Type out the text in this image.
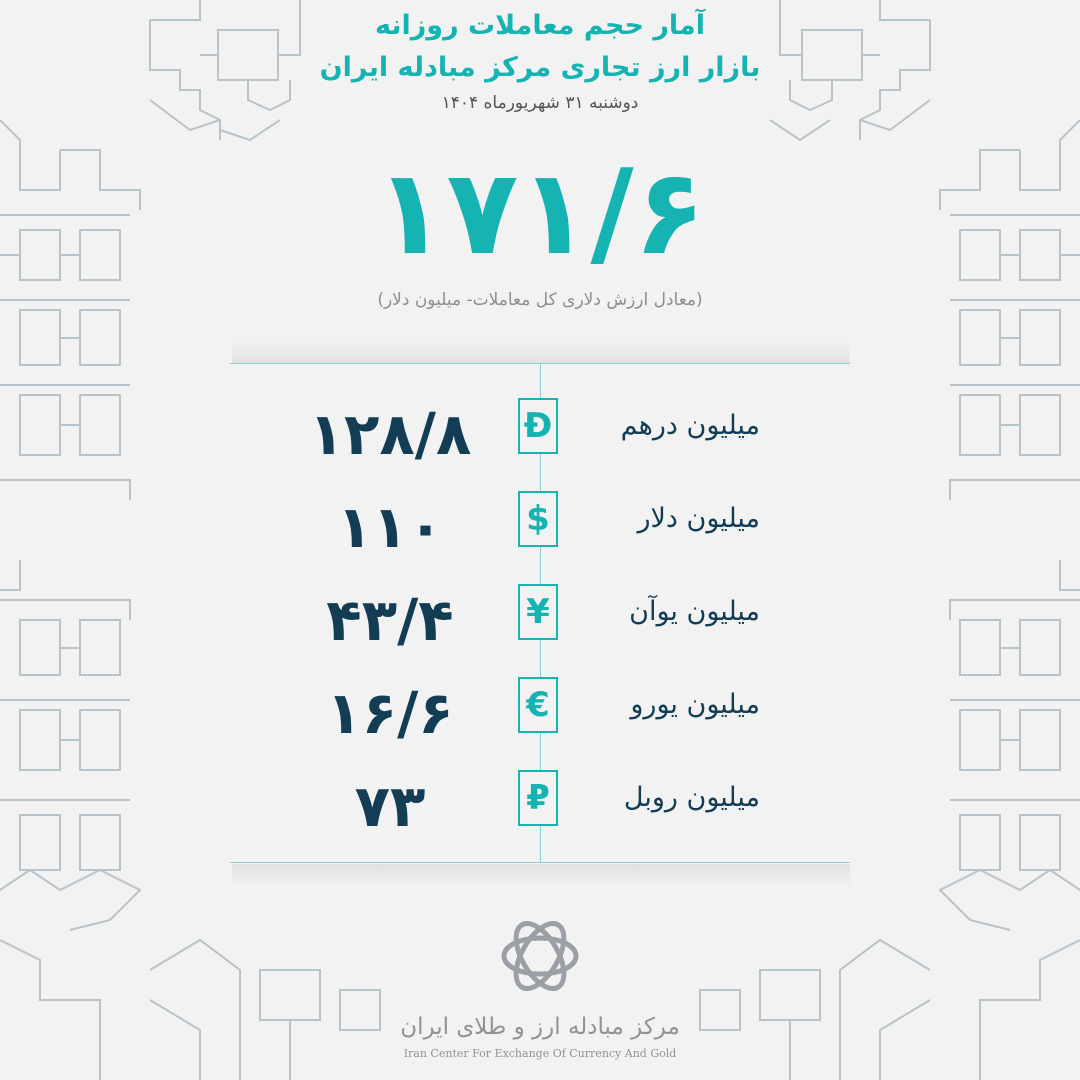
آمار حجم معاملات روزانه
بازار ارز تجاری مرکز مبادله ایران
دوشنبه ۳۱ شهریورماه ۱۴۰۴
۱۷۱/۶
(معادل ارزش دلاری کل معاملات- میلیون دلار)
۱۲۸/۸	Đ	میلیون درهم
۱۱۰	$	میلیون دلار
۴۳/۴	¥	میلیون یوآن
۱۶/۶	€	میلیون یورو
۷۳	₽	میلیون روبل
مرکز مبادله ارز و طلای ایران
Iran Center For Exchange Of Currency And Gold
